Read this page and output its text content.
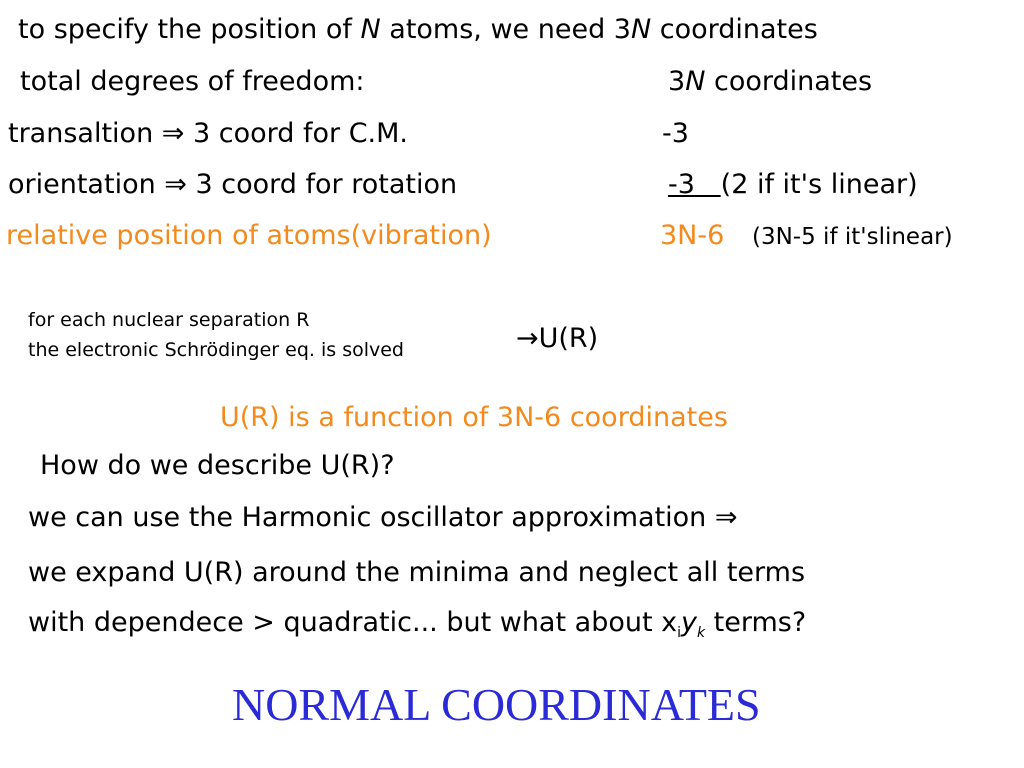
to specify the position of N atoms, we need 3N coordinates
total degrees of freedom:	3N coordinates
transaltion ⇒ 3 coord for C.M.	-3
orientation ⇒ 3 coord for rotation	-3 (2 if it's linear)
relative position of atoms(vibration)	3N-6 (3N-5 if it'slinear)
for each nuclear separation R
the electronic Schrödinger eq. is solved	→U(R)
U(R) is a function of 3N-6 coordinates
How do we describe U(R)?
we can use the Harmonic oscillator approximation ⇒
we expand U(R) around the minima and neglect all terms
with dependece > quadratic... but what about $x_iy_k$ terms?
NORMAL COORDINATES
